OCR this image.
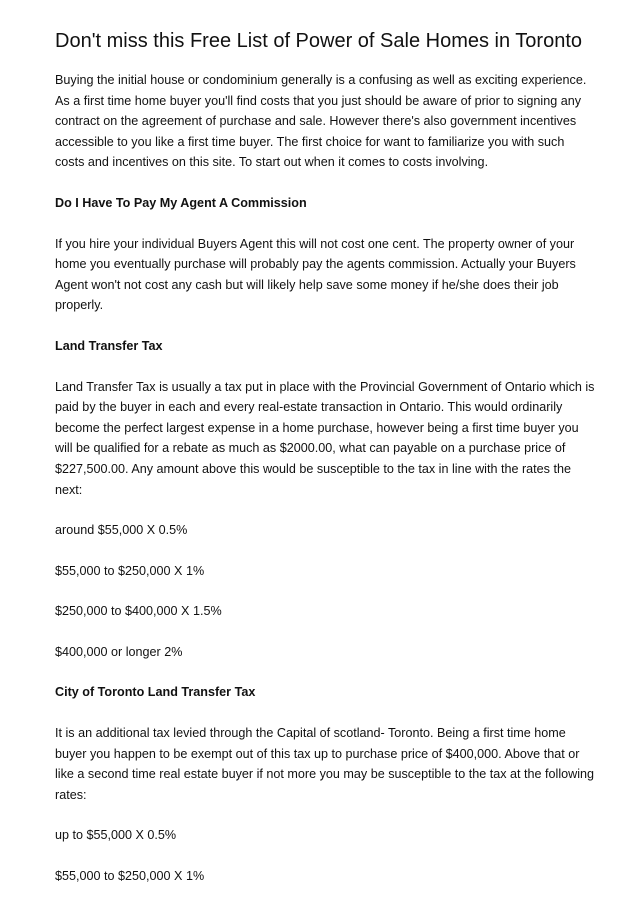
Don't miss this Free List of Power of Sale Homes in Toronto

Buying the initial house or condominium generally is a confusing as well as exciting experience. As a first time home buyer you'll find costs that you just should be aware of prior to signing any contract on the agreement of purchase and sale. However there's also government incentives accessible to you like a first time buyer. The first choice for want to familiarize you with such costs and incentives on this site. To start out when it comes to costs involving.

Do I Have To Pay My Agent A Commission

If you hire your individual Buyers Agent this will not cost one cent. The property owner of your home you eventually purchase will probably pay the agents commission. Actually your Buyers Agent won't not cost any cash but will likely help save some money if he/she does their job properly.

Land Transfer Tax

Land Transfer Tax is usually a tax put in place with the Provincial Government of Ontario which is paid by the buyer in each and every real-estate transaction in Ontario. This would ordinarily become the perfect largest expense in a home purchase, however being a first time buyer you will be qualified for a rebate as much as $2000.00, what can payable on a purchase price of $227,500.00. Any amount above this would be susceptible to the tax in line with the rates the next:

around $55,000 X 0.5%

$55,000 to $250,000 X 1%

$250,000 to $400,000 X 1.5%

$400,000 or longer 2%

City of Toronto Land Transfer Tax

It is an additional tax levied through the Capital of scotland- Toronto. Being a first time home buyer you happen to be exempt out of this tax up to purchase price of $400,000. Above that or like a second time real estate buyer if not more you may be susceptible to the tax at the following rates:

up to $55,000 X 0.5%

$55,000 to $250,000 X 1%
